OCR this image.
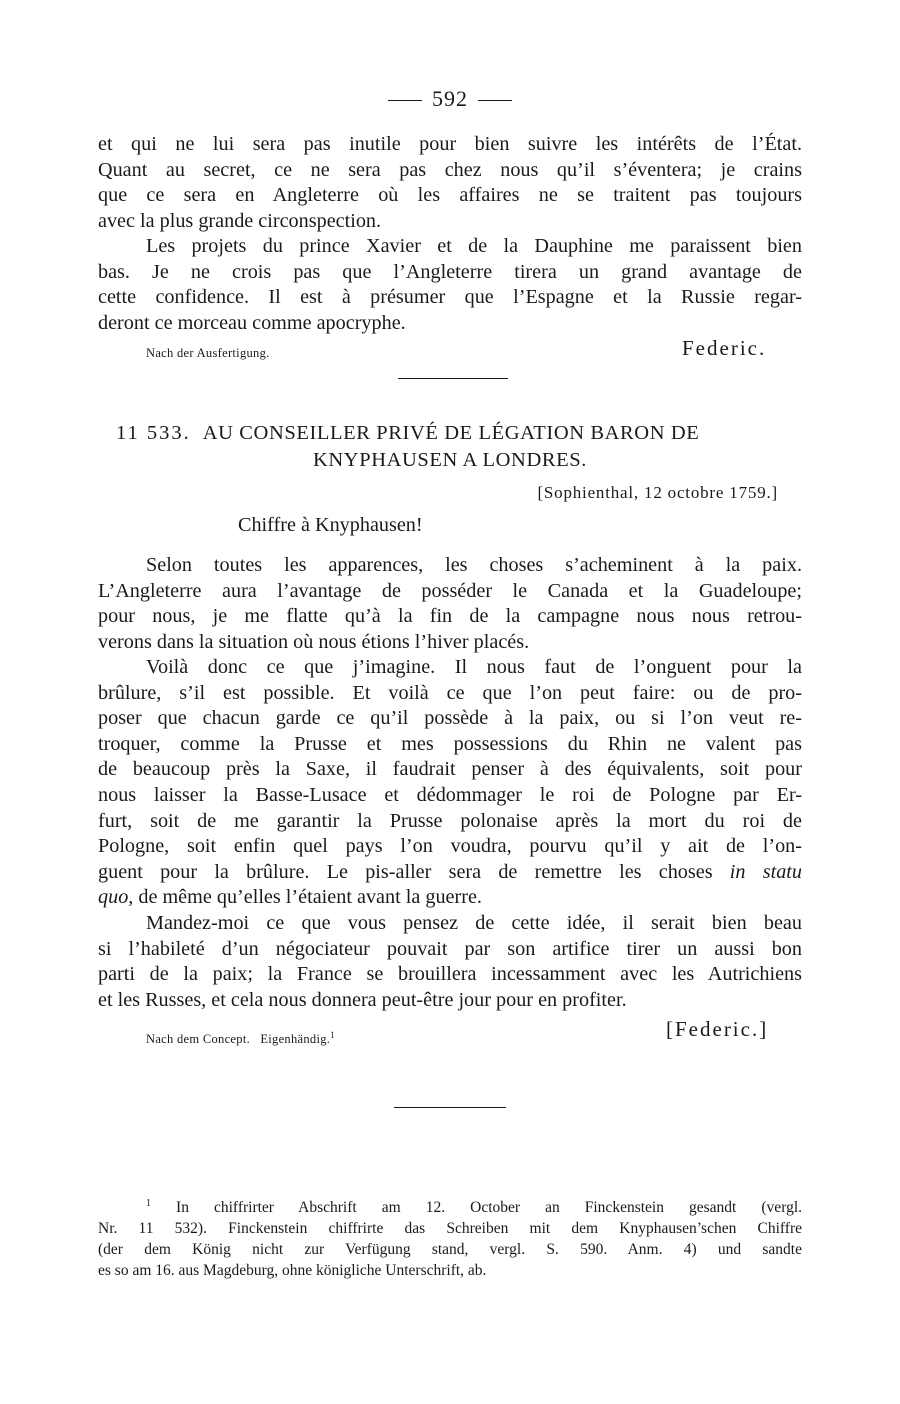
592
et qui ne lui sera pas inutile pour bien suivre les intérêts de l’État.
Quant au secret, ce ne sera pas chez nous qu’il s’éventera; je crains
que ce sera en Angleterre où les affaires ne se traitent pas toujours
avec la plus grande circonspection.
Les projets du prince Xavier et de la Dauphine me paraissent bien
bas. Je ne crois pas que l’Angleterre tirera un grand avantage de
cette confidence. Il est à présumer que l’Espagne et la Russie regar-
deront ce morceau comme apocryphe.
Nach der Ausfertigung.	Federic.
11 533. AU CONSEILLER PRIVÉ DE LÉGATION BARON DE
KNYPHAUSEN A LONDRES.
[Sophienthal, 12 octobre 1759.]
Chiffre à Knyphausen!
Selon toutes les apparences, les choses s’acheminent à la paix.
L’Angleterre aura l’avantage de posséder le Canada et la Guadeloupe;
pour nous, je me flatte qu’à la fin de la campagne nous nous retrou-
verons dans la situation où nous étions l’hiver placés.
Voilà donc ce que j’imagine. Il nous faut de l’onguent pour la
brûlure, s’il est possible. Et voilà ce que l’on peut faire: ou de pro-
poser que chacun garde ce qu’il possède à la paix, ou si l’on veut re-
troquer, comme la Prusse et mes possessions du Rhin ne valent pas
de beaucoup près la Saxe, il faudrait penser à des équivalents, soit pour
nous laisser la Basse-Lusace et dédommager le roi de Pologne par Er-
furt, soit de me garantir la Prusse polonaise après la mort du roi de
Pologne, soit enfin quel pays l’on voudra, pourvu qu’il y ait de l’on-
guent pour la brûlure. Le pis-aller sera de remettre les choses in statu
quo, de même qu’elles l’étaient avant la guerre.
Mandez-moi ce que vous pensez de cette idée, il serait bien beau
si l’habileté d’un négociateur pouvait par son artifice tirer un aussi bon
parti de la paix; la France se brouillera incessamment avec les Autrichiens
et les Russes, et cela nous donnera peut-être jour pour en profiter.
Nach dem Concept. Eigenhändig.$^1$	[Federic.]
$^1$ In chiffrirter Abschrift am 12. October an Finckenstein gesandt (vergl.
Nr. 11 532). Finckenstein chiffrirte das Schreiben mit dem Knyphausen’schen Chiffre
(der dem König nicht zur Verfügung stand, vergl. S. 590. Anm. 4) und sandte
es so am 16. aus Magdeburg, ohne königliche Unterschrift, ab.
